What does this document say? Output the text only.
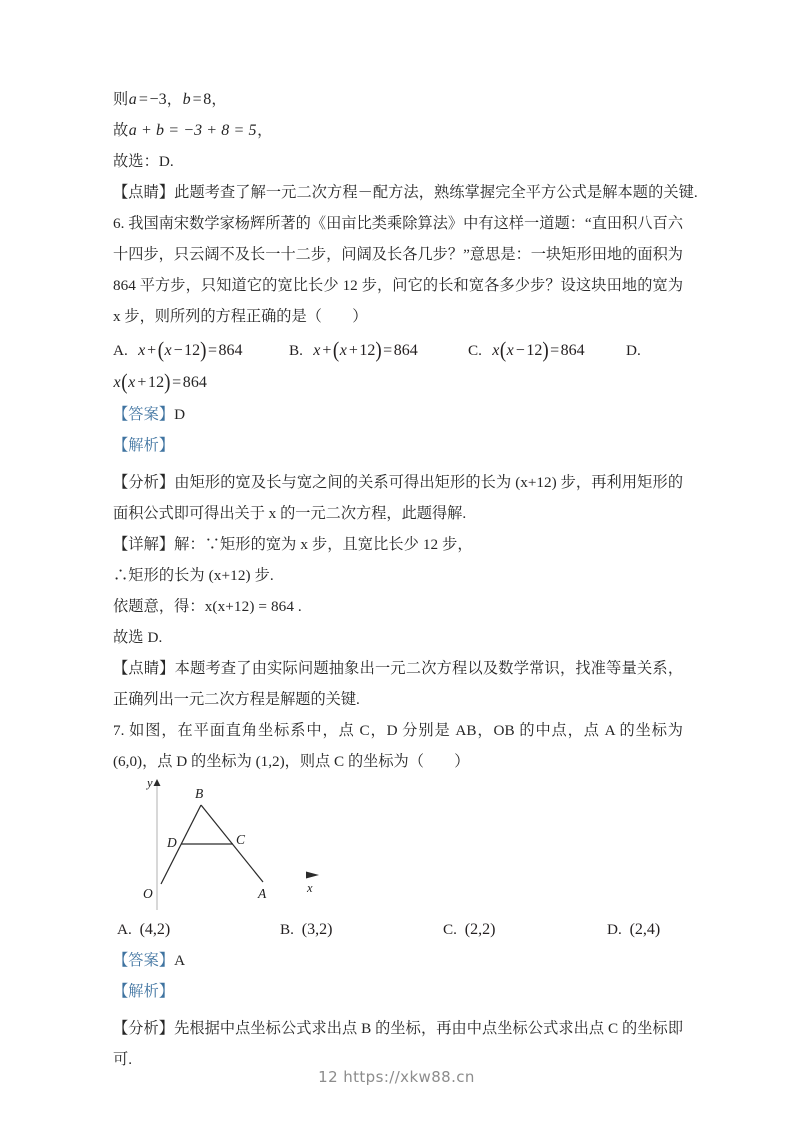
则a =−3，b =8，
故a + b = −3 + 8 = 5，
故选：D.
【点睛】此题考查了解一元二次方程－配方法，熟练掌握完全平方公式是解本题的关键.
6. 我国南宋数学家杨辉所著的《田亩比类乘除算法》中有这样一道题：“直田积八百六十四步，只云阔不及长一十二步，问阔及长各几步？”意思是：一块矩形田地的面积为 864 平方步，只知道它的宽比长少 12 步，问它的长和宽各多少步？设这块田地的宽为 x 步，则所列的方程正确的是（　　）
A. x +(x −12)=864	B. x +(x +12)=864	C. x(x −12)=864	D.
x(x +12)=864
【答案】D
【解析】
【分析】由矩形的宽及长与宽之间的关系可得出矩形的长为 (x+12) 步，再利用矩形的面积公式即可得出关于 x 的一元二次方程，此题得解.
【详解】解：∵矩形的宽为 x 步，且宽比长少 12 步，
∴矩形的长为 (x+12) 步.
依题意，得：x(x+12) = 864 .
故选 D.
【点睛】本题考查了由实际问题抽象出一元二次方程以及数学常识，找准等量关系，正确列出一元二次方程是解题的关键.
7. 如图，在平面直角坐标系中，点 C，D 分别是 AB，OB 的中点，点 A 的坐标为 (6,0)，点 D 的坐标为 (1,2)，则点 C 的坐标为（　　）
B
D	C
O	A
y
x
A. (4,2)	B. (3,2)	C. (2,2)	D. (2,4)
【答案】A
【解析】
【分析】先根据中点坐标公式求出点 B 的坐标，再由中点坐标公式求出点 C 的坐标即可.
12 https://xkw88.cn
